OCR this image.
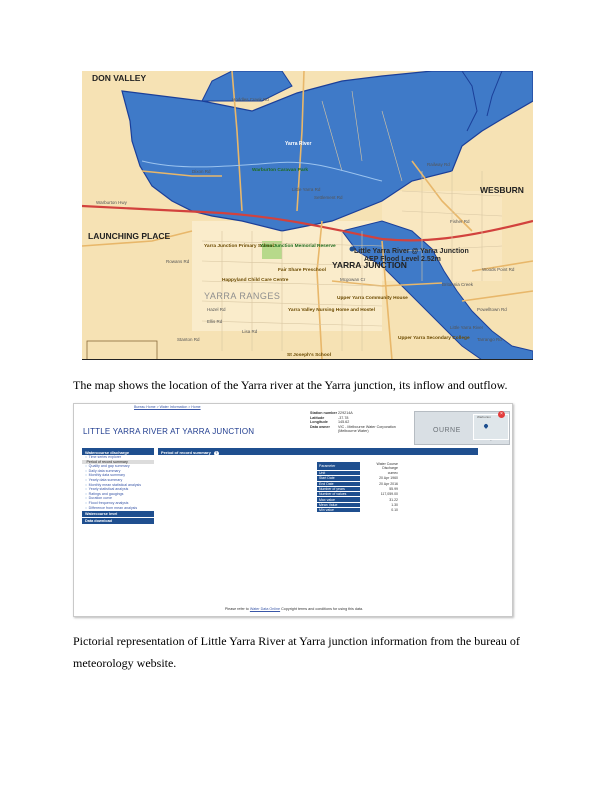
DON VALLEY
WESBURN
LAUNCHING PLACE
YARRA JUNCTION
YARRA RANGES
Yarra River
Little Yarra River @ Yarra Junction
AEP Flood Level 2.52m
Yarra Junction Primary School
Yarra Junction Memorial Reserve
Happyland Child Care Centre
Fair Share Preschool
Yarra Valley Nursing Home and Hostel
Upper Yarra Community House
Upper Yarra Secondary College
St Joseph's School
Warburton Caravan Park
Warburton Hwy
Dixon Rd
Settlement Rd
Hoddles Creek Rd
Little Yarra Rd
Railway Rd
Britannia Creek
Little Yarra River
Mcgowan Cr
Hazel Rd
Ellis Rd
Lisa Rd
Rowans Rd
Stanton Rd
Powelltown Rd
Tarrango Rd
Woods Point Rd
Fisher Rd

The map shows the location of the Yarra river at the Yarra junction, its inflow and outflow.

Bureau Home > Water Information > Home
LITTLE YARRA RIVER AT YARRA JUNCTION
Station number 229214A
Latitude	-37.78
Longitude	145.62
Data owner	VIC - Melbourne Water Corporation (Melbourne Water)	OURNE
Warburton	×
Watercourse discharge
○ Time series explorer
Period of record summary
○ Quality and gap summary
○ Daily data summary
○ Monthly data summary
○ Yearly data summary
○ Monthly mean statistical analysis
○ Yearly statistical analysis
○ Ratings and gaugings
○ Duration curve
○ Flood frequency analysis
○ Difference from mean analysis
Watercourse level
Data download
Period of record summary ?
Parameter	Water Course Discharge
Unit	cumec
Start Date	20 Apr 1960
End Date	20 Apr 2016
Number of years	55.99
Number of values	117,059.00
Max value	31.22
Mean Value	1.30
Min value	0.10
Please refer to Water Data Online Copyright terms and conditions for using this data.

Pictorial representation of Little Yarra River at Yarra junction information from the bureau of meteorology website.
